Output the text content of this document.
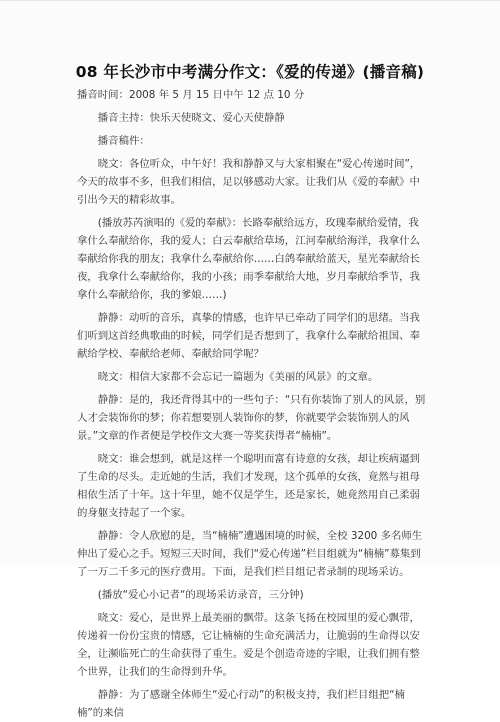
08 年长沙市中考满分作文：《爱的传递》(播音稿)

播音时间：2008 年 5 月 15 日中午 12 点 10 分

播音主持：快乐天使晓文、爱心天使静静

播音稿件：

晓文：各位听众，中午好！我和静静又与大家相聚在“爱心传递时间”，今天的故事不多，但我们相信，足以够感动大家。让我们从《爱的奉献》中引出今天的精彩故事。

(播放苏芮演唱的《爱的奉献》：长路奉献给远方，玫瑰奉献给爱情，我拿什么奉献给你，我的爱人；白云奉献给草场，江河奉献给海洋，我拿什么奉献给你我的朋友；我拿什么奉献给你……白鸽奉献给蓝天，星光奉献给长夜，我拿什么奉献给你，我的小孩；雨季奉献给大地，岁月奉献给季节，我拿什么奉献给你，我的爹娘……)

静静：动听的音乐，真挚的情感，也许早已牵动了同学们的思绪。当我们听到这首经典歌曲的时候，同学们是否想到了，我拿什么奉献给祖国、奉献给学校、奉献给老师、奉献给同学呢？

晓文：相信大家都不会忘记一篇题为《美丽的风景》的文章。

静静：是的，我还背得其中的一些句子：“只有你装饰了别人的风景，别人才会装饰你的梦；你若想要别人装饰你的梦，你就要学会装饰别人的风景。”文章的作者便是学校作文大赛一等奖获得者“楠楠”。

晓文：谁会想到，就是这样一个聪明而富有诗意的女孩，却让疾病逼到了生命的尽头。走近她的生活，我们才发现，这个孤单的女孩，竟然与祖母相依生活了十年。这十年里，她不仅是学生，还是家长，她竟然用自己柔弱的身躯支持起了一个家。

静静：令人欣慰的是，当“楠楠”遭遇困境的时候，全校 3200 多名师生伸出了爱心之手。短短三天时间，我们“爱心传递”栏目组就为“楠楠”募集到了一万二千多元的医疗费用。下面，是我们栏目组记者录制的现场采访。

(播放“爱心小记者“的现场采访录音，三分钟)

晓文：爱心，是世界上最美丽的飘带。这条飞扬在校园里的爱心飘带，传递着一份份宝贵的情感，它让楠楠的生命充满活力，让脆弱的生命得以安全，让濒临死亡的生命获得了重生。爱是个创造奇迹的字眼，让我们拥有整个世界，让我们的生命得到升华。

静静：为了感谢全体师生“爱心行动”的积极支持，我们栏目组把“楠楠”的来信
